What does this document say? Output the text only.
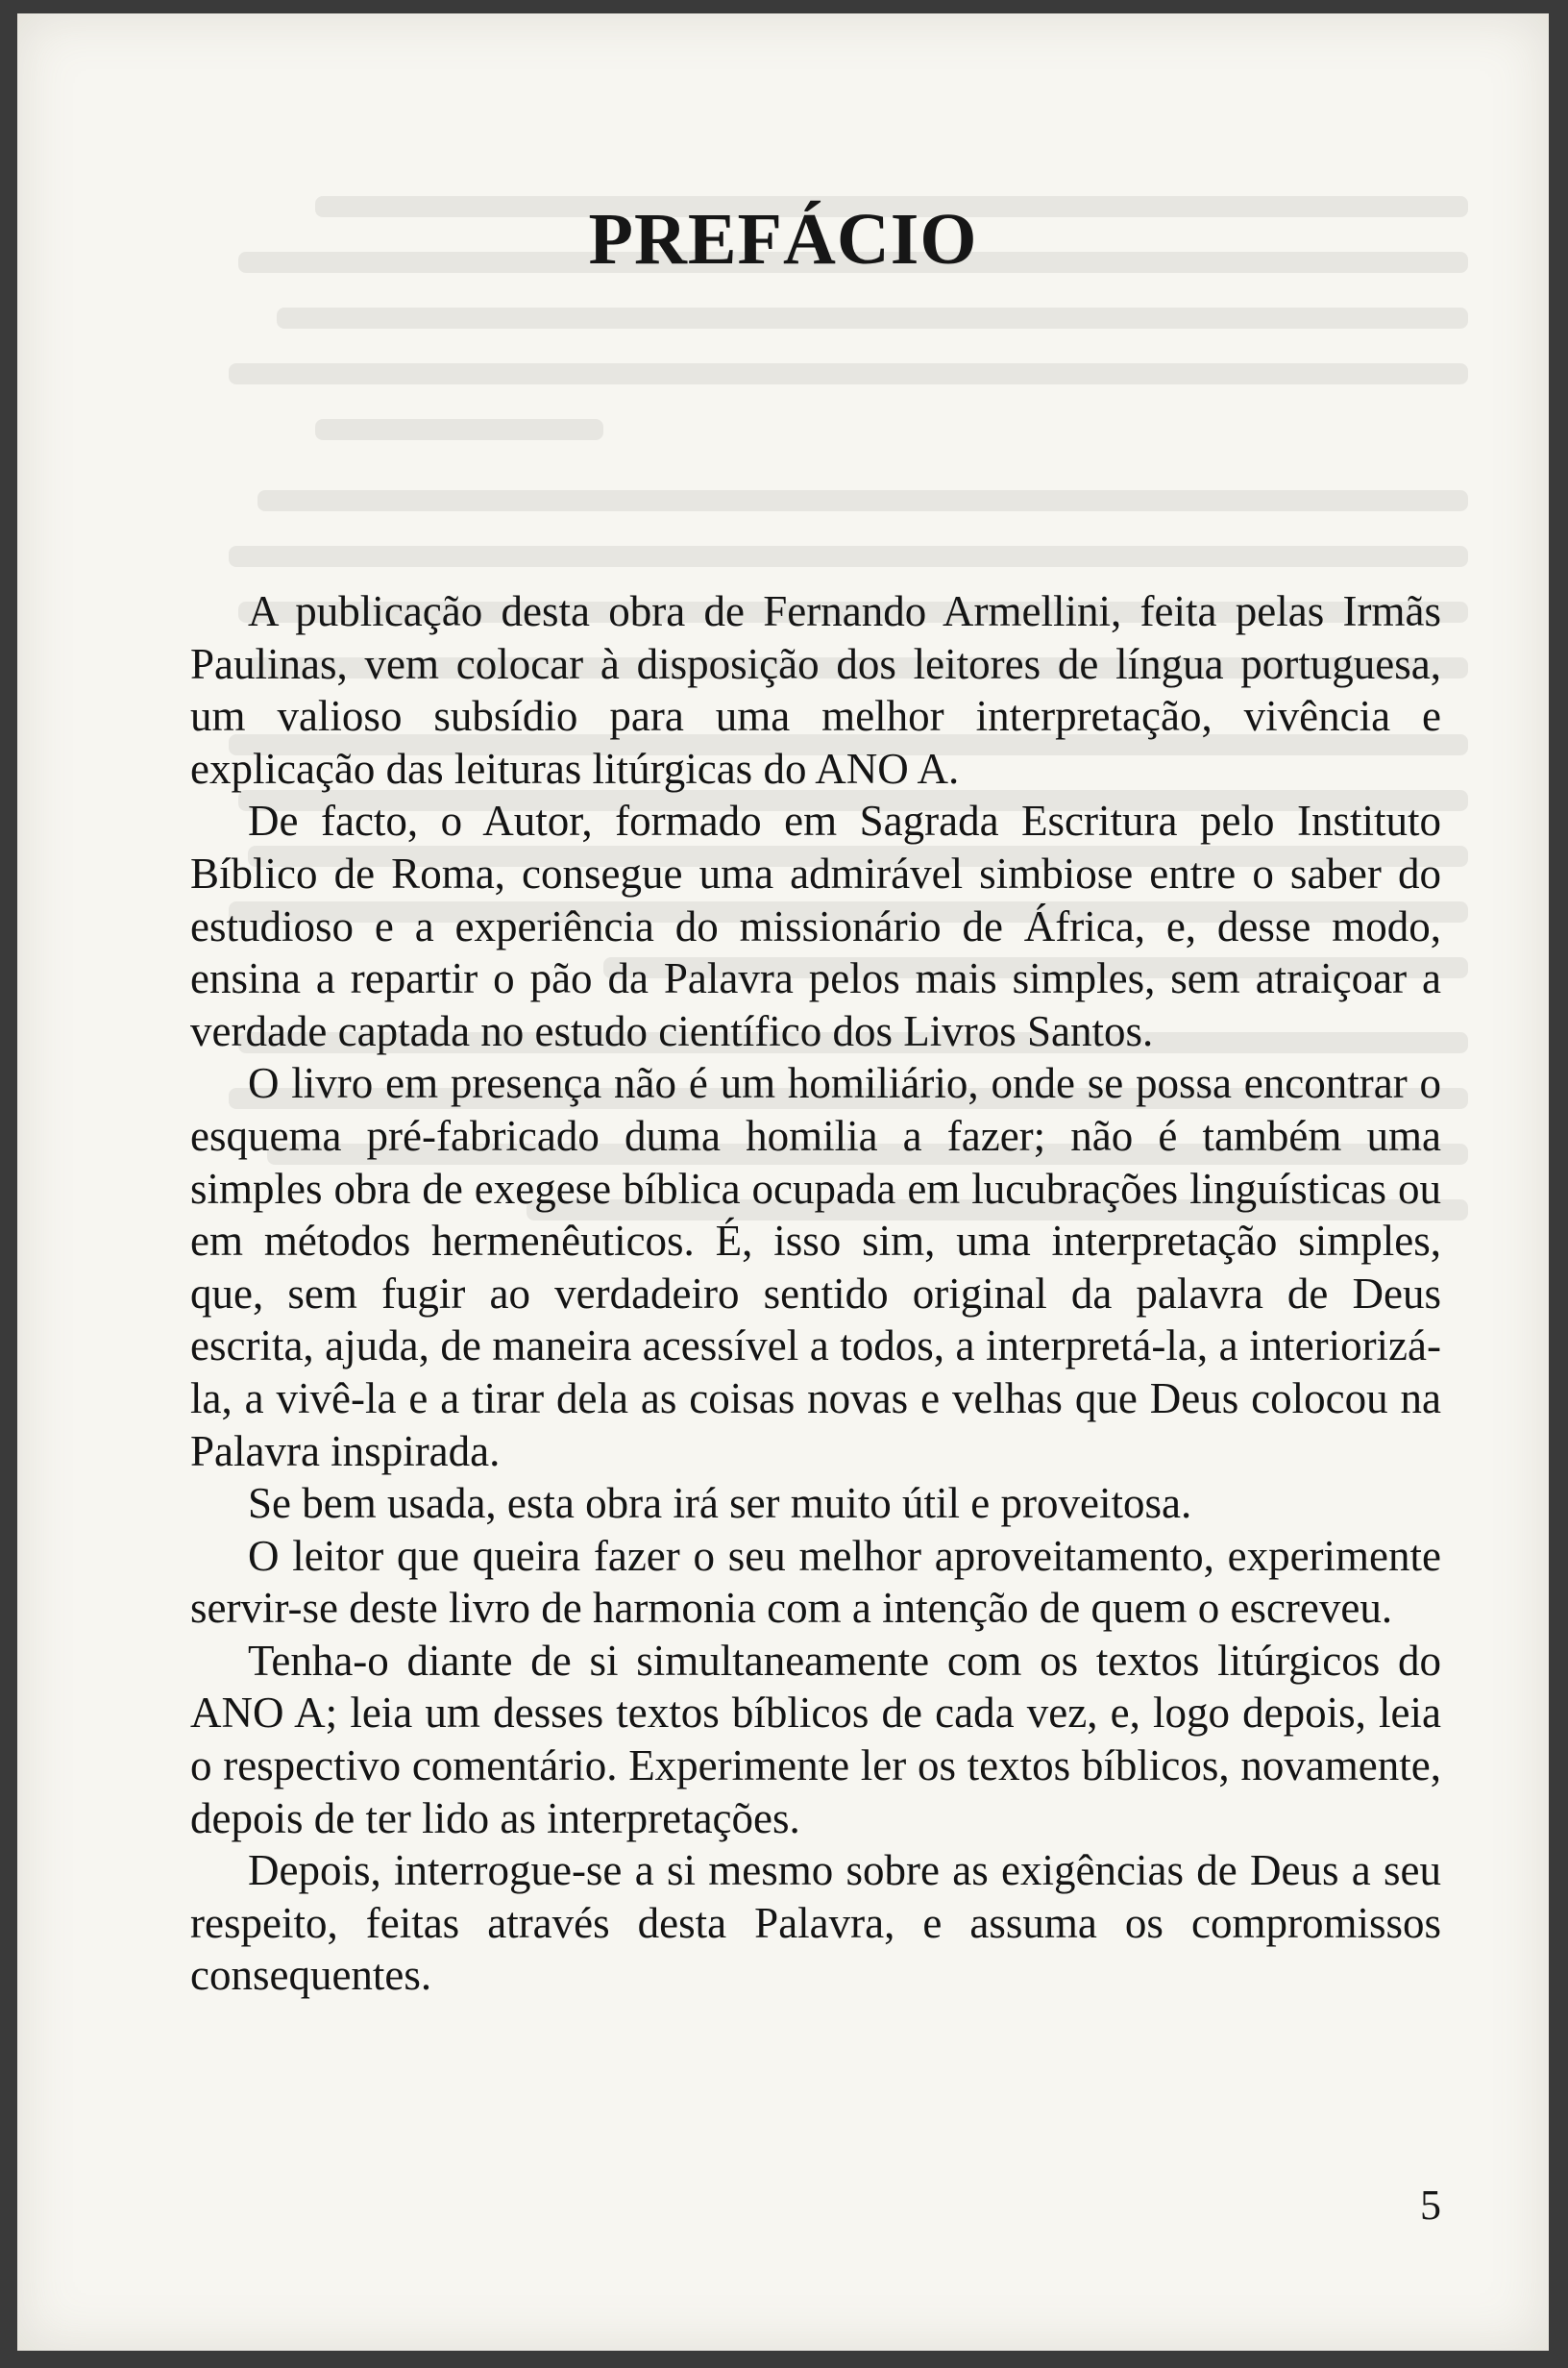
PREFÁCIO

A publicação desta obra de Fernando Armellini, feita pelas Irmãs Paulinas, vem colocar à disposição dos leitores de língua portuguesa, um valioso subsídio para uma melhor interpretação, vivência e explicação das leituras litúrgicas do ANO A.

De facto, o Autor, formado em Sagrada Escritura pelo Instituto Bíblico de Roma, consegue uma admirável simbiose entre o saber do estudioso e a experiência do missionário de África, e, desse modo, ensina a repartir o pão da Palavra pelos mais simples, sem atraiçoar a verdade captada no estudo científico dos Livros Santos.

O livro em presença não é um homiliário, onde se possa encontrar o esquema pré-fabricado duma homilia a fazer; não é também uma simples obra de exegese bíblica ocupada em lucubrações linguísticas ou em métodos hermenêuticos. É, isso sim, uma interpretação simples, que, sem fugir ao verdadeiro sentido original da palavra de Deus escrita, ajuda, de maneira acessível a todos, a interpretá-la, a interiorizá-la, a vivê-la e a tirar dela as coisas novas e velhas que Deus colocou na Palavra inspirada.

Se bem usada, esta obra irá ser muito útil e proveitosa.

O leitor que queira fazer o seu melhor aproveitamento, experimente servir-se deste livro de harmonia com a intenção de quem o escreveu.

Tenha-o diante de si simultaneamente com os textos litúrgicos do ANO A; leia um desses textos bíblicos de cada vez, e, logo depois, leia o respectivo comentário. Experimente ler os textos bíblicos, novamente, depois de ter lido as interpretações.

Depois, interrogue-se a si mesmo sobre as exigências de Deus a seu respeito, feitas através desta Palavra, e assuma os compromissos consequentes.

5
